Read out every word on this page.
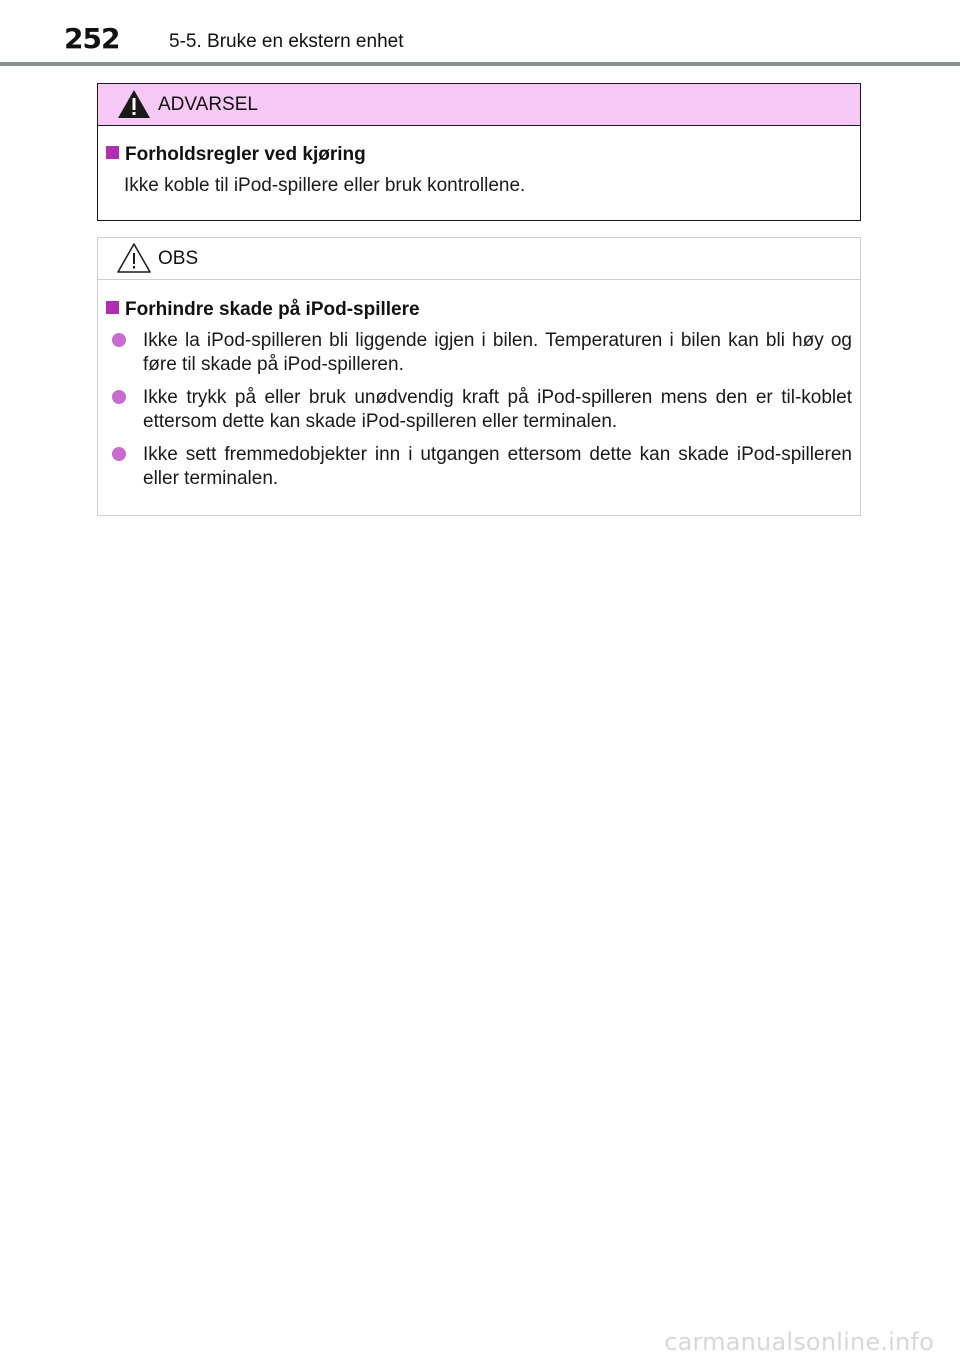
252	5-5. Bruke en ekstern enhet
ADVARSEL
Forholdsregler ved kjøring
Ikke koble til iPod-spillere eller bruk kontrollene.
OBS
Forhindre skade på iPod-spillere
Ikke la iPod-spilleren bli liggende igjen i bilen. Temperaturen i bilen kan bli høy og føre til skade på iPod-spilleren.
Ikke trykk på eller bruk unødvendig kraft på iPod-spilleren mens den er til-koblet ettersom dette kan skade iPod-spilleren eller terminalen.
Ikke sett fremmedobjekter inn i utgangen ettersom dette kan skade iPod-spilleren eller terminalen.
carmanualsonline.info
